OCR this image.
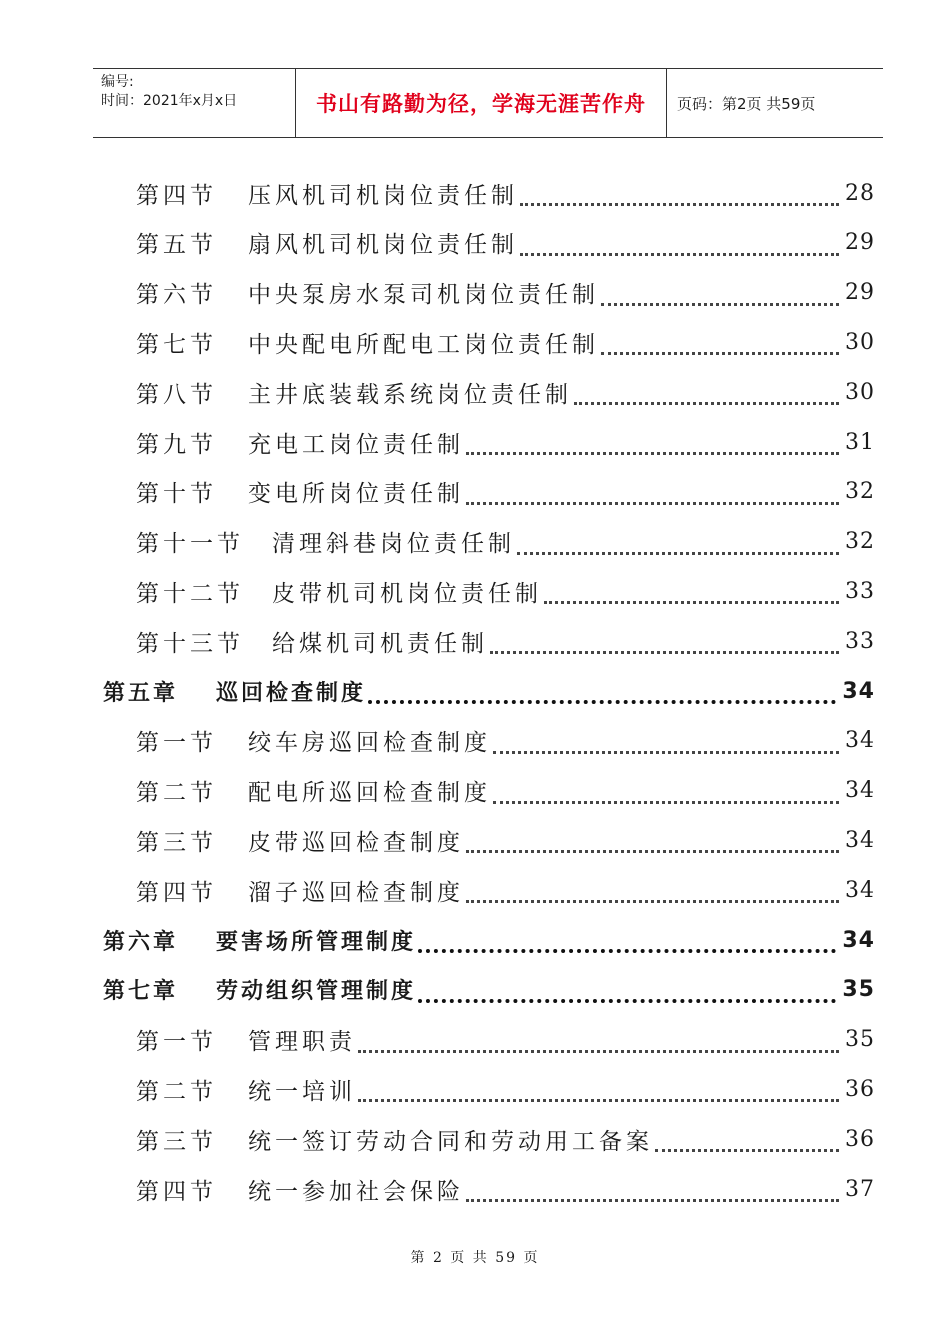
编号:
时间：2021年x月x日	书山有路勤为径，学海无涯苦作舟	页码：第2页 共59页
第四节	压风机司机岗位责任制	28
第五节	扇风机司机岗位责任制	29
第六节	中央泵房水泵司机岗位责任制	29
第七节	中央配电所配电工岗位责任制	30
第八节	主井底装载系统岗位责任制	30
第九节	充电工岗位责任制	31
第十节	变电所岗位责任制	32
第十一节	清理斜巷岗位责任制	32
第十二节	皮带机司机岗位责任制	33
第十三节	给煤机司机责任制	33
第五章	巡回检查制度	34
第一节	绞车房巡回检查制度	34
第二节	配电所巡回检查制度	34
第三节	皮带巡回检查制度	34
第四节	溜子巡回检查制度	34
第六章	要害场所管理制度	34
第七章	劳动组织管理制度	35
第一节	管理职责	35
第二节	统一培训	36
第三节	统一签订劳动合同和劳动用工备案	36
第四节	统一参加社会保险	37
第 2 页 共 59 页
